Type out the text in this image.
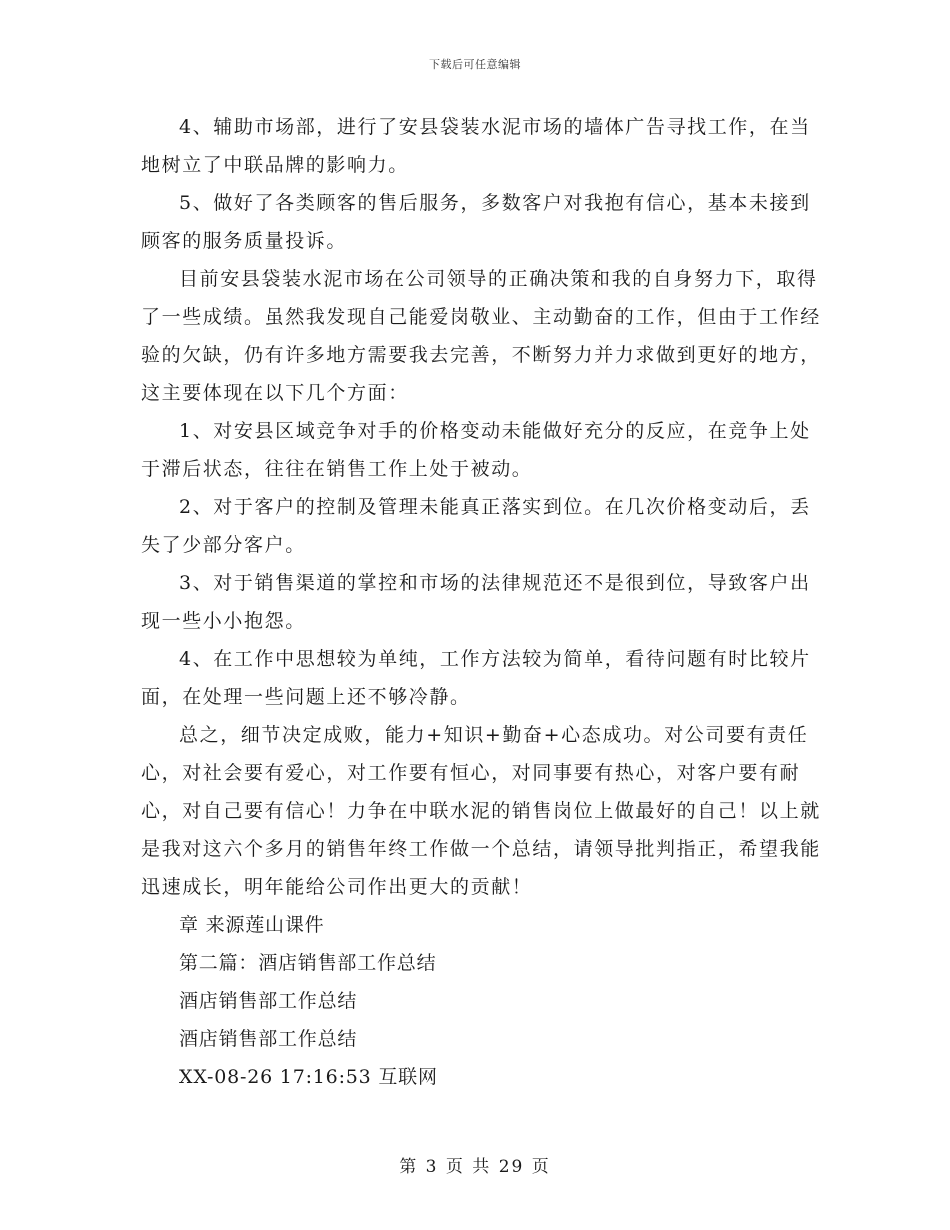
下载后可任意编辑

4、辅助市场部，进行了安县袋装水泥市场的墙体广告寻找工作，在当地树立了中联品牌的影响力。

5、做好了各类顾客的售后服务，多数客户对我抱有信心，基本未接到顾客的服务质量投诉。

目前安县袋装水泥市场在公司领导的正确决策和我的自身努力下，取得了一些成绩。虽然我发现自己能爱岗敬业、主动勤奋的工作，但由于工作经验的欠缺，仍有许多地方需要我去完善，不断努力并力求做到更好的地方，这主要体现在以下几个方面：

1、对安县区域竞争对手的价格变动未能做好充分的反应，在竞争上处于滞后状态，往往在销售工作上处于被动。

2、对于客户的控制及管理未能真正落实到位。在几次价格变动后，丢失了少部分客户。

3、对于销售渠道的掌控和市场的法律规范还不是很到位，导致客户出现一些小小抱怨。

4、在工作中思想较为单纯，工作方法较为简单，看待问题有时比较片面，在处理一些问题上还不够冷静。

总之，细节决定成败，能力+知识+勤奋+心态成功。对公司要有责任心，对社会要有爱心，对工作要有恒心，对同事要有热心，对客户要有耐心，对自己要有信心！力争在中联水泥的销售岗位上做最好的自己！以上就是我对这六个多月的销售年终工作做一个总结，请领导批判指正，希望我能迅速成长，明年能给公司作出更大的贡献！

章 来源莲山课件

第二篇：酒店销售部工作总结

酒店销售部工作总结

酒店销售部工作总结

XX-08-26 17:16:53 互联网

第 3 页 共 29 页
